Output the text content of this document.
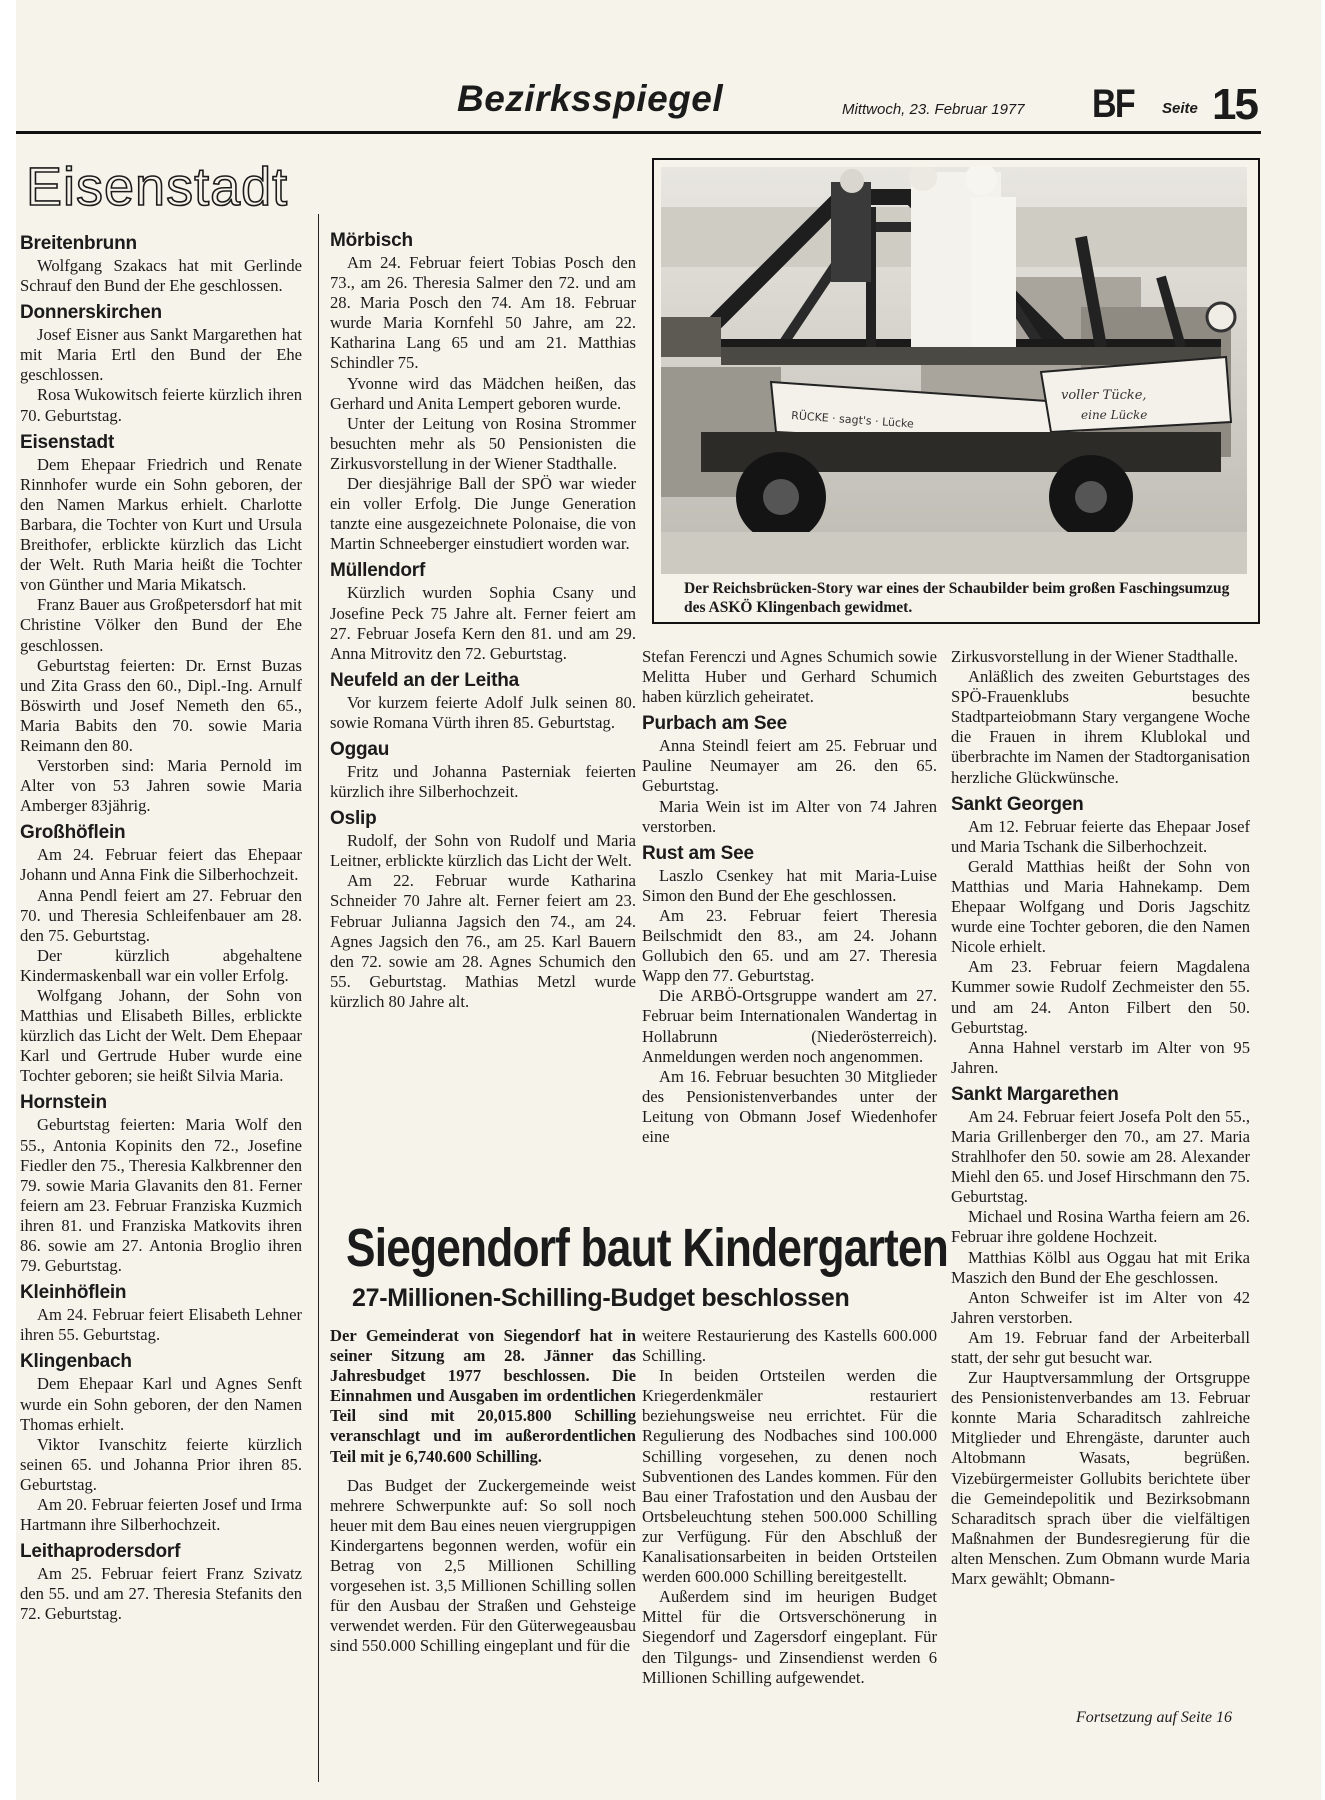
Bezirksspiegel	Mittwoch, 23. Februar 1977 BF Seite 15
Eisenstadt
Breitenbrunn

Wolfgang Szakacs hat mit Gerlinde Schrauf den Bund der Ehe geschlossen.

Donnerskirchen

Josef Eisner aus Sankt Margarethen hat mit Maria Ertl den Bund der Ehe geschlossen.

Rosa Wukowitsch feierte kürzlich ihren 70. Geburtstag.

Eisenstadt

Dem Ehepaar Friedrich und Renate Rinnhofer wurde ein Sohn geboren, der den Namen Markus erhielt. Charlotte Barbara, die Tochter von Kurt und Ursula Breithofer, erblickte kürzlich das Licht der Welt. Ruth Maria heißt die Tochter von Günther und Maria Mikatsch.

Franz Bauer aus Großpetersdorf hat mit Christine Völker den Bund der Ehe geschlossen.

Geburtstag feierten: Dr. Ernst Buzas und Zita Grass den 60., Dipl.-Ing. Arnulf Böswirth und Josef Nemeth den 65., Maria Babits den 70. sowie Maria Reimann den 80.

Verstorben sind: Maria Pernold im Alter von 53 Jahren sowie Maria Amberger 83jährig.

Großhöflein

Am 24. Februar feiert das Ehepaar Johann und Anna Fink die Silberhochzeit.

Anna Pendl feiert am 27. Februar den 70. und Theresia Schleifenbauer am 28. den 75. Geburtstag.

Der kürzlich abgehaltene Kindermaskenball war ein voller Erfolg.

Wolfgang Johann, der Sohn von Matthias und Elisabeth Billes, erblickte kürzlich das Licht der Welt. Dem Ehepaar Karl und Gertrude Huber wurde eine Tochter geboren; sie heißt Silvia Maria.

Hornstein

Geburtstag feierten: Maria Wolf den 55., Antonia Kopinits den 72., Josefine Fiedler den 75., Theresia Kalkbrenner den 79. sowie Maria Glavanits den 81. Ferner feiern am 23. Februar Franziska Kuzmich ihren 81. und Franziska Matkovits ihren 86. sowie am 27. Antonia Broglio ihren 79. Geburtstag.

Kleinhöflein

Am 24. Februar feiert Elisabeth Lehner ihren 55. Geburtstag.

Klingenbach

Dem Ehepaar Karl und Agnes Senft wurde ein Sohn geboren, der den Namen Thomas erhielt.

Viktor Ivanschitz feierte kürzlich seinen 65. und Johanna Prior ihren 85. Geburtstag.

Am 20. Februar feierten Josef und Irma Hartmann ihre Silberhochzeit.

Leithaprodersdorf

Am 25. Februar feiert Franz Szivatz den 55. und am 27. Theresia Stefanits den 72. Geburtstag.

Mörbisch

Am 24. Februar feiert Tobias Posch den 73., am 26. Theresia Salmer den 72. und am 28. Maria Posch den 74. Am 18. Februar wurde Maria Kornfehl 50 Jahre, am 22. Katharina Lang 65 und am 21. Matthias Schindler 75.

Yvonne wird das Mädchen heißen, das Gerhard und Anita Lempert geboren wurde.

Unter der Leitung von Rosina Strommer besuchten mehr als 50 Pensionisten die Zirkusvorstellung in der Wiener Stadthalle.

Der diesjährige Ball der SPÖ war wieder ein voller Erfolg. Die Junge Generation tanzte eine ausgezeichnete Polonaise, die von Martin Schneeberger einstudiert worden war.

Müllendorf

Kürzlich wurden Sophia Csany und Josefine Peck 75 Jahre alt. Ferner feiert am 27. Februar Josefa Kern den 81. und am 29. Anna Mitrovitz den 72. Geburtstag.

Neufeld an der Leitha

Vor kurzem feierte Adolf Julk seinen 80. sowie Romana Vürth ihren 85. Geburtstag.

Oggau

Fritz und Johanna Pasterniak feierten kürzlich ihre Silberhochzeit.

Oslip

Rudolf, der Sohn von Rudolf und Maria Leitner, erblickte kürzlich das Licht der Welt.

Am 22. Februar wurde Katharina Schneider 70 Jahre alt. Ferner feiert am 23. Februar Julianna Jagsich den 74., am 24. Agnes Jagsich den 76., am 25. Karl Bauern den 72. sowie am 28. Agnes Schumich den 55. Geburtstag. Mathias Metzl wurde kürzlich 80 Jahre alt.

Stefan Ferenczi und Agnes Schumich sowie Melitta Huber und Gerhard Schumich haben kürzlich geheiratet.

Purbach am See

Anna Steindl feiert am 25. Februar und Pauline Neumayer am 26. den 65. Geburtstag.

Maria Wein ist im Alter von 74 Jahren verstorben.

Rust am See

Laszlo Csenkey hat mit Maria-Luise Simon den Bund der Ehe geschlossen.

Am 23. Februar feiert Theresia Beilschmidt den 83., am 24. Johann Gollubich den 65. und am 27. Theresia Wapp den 77. Geburtstag.

Die ARBÖ-Ortsgruppe wandert am 27. Februar beim Internationalen Wandertag in Hollabrunn (Niederösterreich). Anmeldungen werden noch angenommen.

Am 16. Februar besuchten 30 Mitglieder des Pensionistenverbandes unter der Leitung von Obmann Josef Wiedenhofer eine

Zirkusvorstellung in der Wiener Stadthalle.

Anläßlich des zweiten Geburtstages des SPÖ-Frauenklubs besuchte Stadtparteiobmann Stary vergangene Woche die Frauen in ihrem Klublokal und überbrachte im Namen der Stadtorganisation herzliche Glückwünsche.

Sankt Georgen

Am 12. Februar feierte das Ehepaar Josef und Maria Tschank die Silberhochzeit.

Gerald Matthias heißt der Sohn von Matthias und Maria Hahnekamp. Dem Ehepaar Wolfgang und Doris Jagschitz wurde eine Tochter geboren, die den Namen Nicole erhielt.

Am 23. Februar feiern Magdalena Kummer sowie Rudolf Zechmeister den 55. und am 24. Anton Filbert den 50. Geburtstag.

Anna Hahnel verstarb im Alter von 95 Jahren.

Sankt Margarethen

Am 24. Februar feiert Josefa Polt den 55., Maria Grillenberger den 70., am 27. Maria Strahlhofer den 50. sowie am 28. Alexander Miehl den 65. und Josef Hirschmann den 75. Geburtstag.

Michael und Rosina Wartha feiern am 26. Februar ihre goldene Hochzeit.

Matthias Kölbl aus Oggau hat mit Erika Maszich den Bund der Ehe geschlossen.

Anton Schweifer ist im Alter von 42 Jahren verstorben.

Am 19. Februar fand der Arbeiterball statt, der sehr gut besucht war.

Zur Hauptversammlung der Ortsgruppe des Pensionistenverbandes am 13. Februar konnte Maria Scharaditsch zahlreiche Mitglieder und Ehrengäste, darunter auch Altobmann Wasats, begrüßen. Vizebürgermeister Gollubits berichtete über die Gemeindepolitik und Bezirksobmann Scharaditsch sprach über die vielfältigen Maßnahmen der Bundesregierung für die alten Menschen. Zum Obmann wurde Maria Marx gewählt; Obmann-

RÜCKE · sagt's · Lücke
voller Tücke,
eine Lücke
Der Reichsbrücken-Story war eines der Schaubilder beim großen Faschingsumzug des ASKÖ Klingenbach gewidmet.
Siegendorf baut Kindergarten
27-Millionen-Schilling-Budget beschlossen

Der Gemeinderat von Siegendorf hat in seiner Sitzung am 28. Jänner das Jahresbudget 1977 beschlossen. Die Einnahmen und Ausgaben im ordentlichen Teil sind mit 20,015.800 Schilling veranschlagt und im außerordentlichen Teil mit je 6,740.600 Schilling.

Das Budget der Zuckergemeinde weist mehrere Schwerpunkte auf: So soll noch heuer mit dem Bau eines neuen viergruppigen Kindergartens begonnen werden, wofür ein Betrag von 2,5 Millionen Schilling vorgesehen ist. 3,5 Millionen Schilling sollen für den Ausbau der Straßen und Gehsteige verwendet werden. Für den Güterwegeausbau sind 550.000 Schilling eingeplant und für die

weitere Restaurierung des Kastells 600.000 Schilling.

In beiden Ortsteilen werden die Kriegerdenkmäler restauriert beziehungsweise neu errichtet. Für die Regulierung des Nodbaches sind 100.000 Schilling vorgesehen, zu denen noch Subventionen des Landes kommen. Für den Bau einer Trafostation und den Ausbau der Ortsbeleuchtung stehen 500.000 Schilling zur Verfügung. Für den Abschluß der Kanalisationsarbeiten in beiden Ortsteilen werden 600.000 Schilling bereitgestellt.

Außerdem sind im heurigen Budget Mittel für die Ortsverschönerung in Siegendorf und Zagersdorf eingeplant. Für den Tilgungs- und Zinsendienst werden 6 Millionen Schilling aufgewendet.

Fortsetzung auf Seite 16
